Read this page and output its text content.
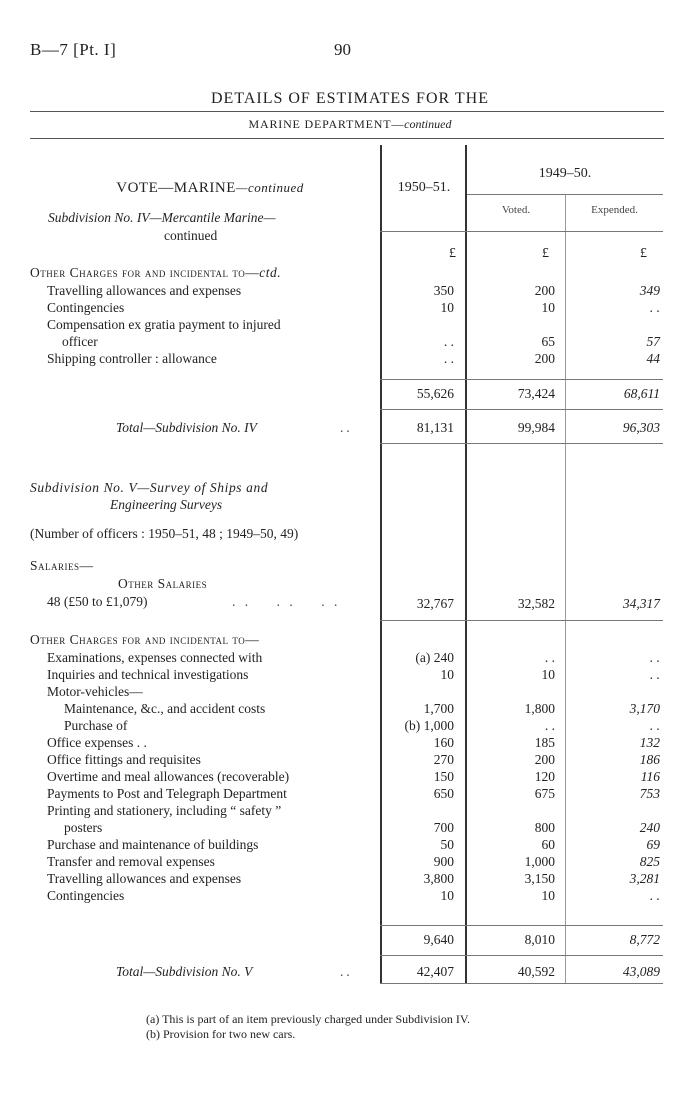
B—7 [Pt. I]	90
DETAILS OF ESTIMATES FOR THE
MARINE DEPARTMENT—continued
VOTE—MARINE—continued	1950–51.
1949–50.
Voted.	Expended.
Subdivision No. IV—Mercantile Marine—
continued
£	£	£
Other Charges for and incidental to—ctd.
Travelling allowances and expenses	350	200	349
Contingencies	10	10	. .
Compensation ex gratia payment to injured
officer	. .	65	57
Shipping controller : allowance	. .	200	44
55,626	73,424	68,611
Total—Subdivision No. IV	..	81,131	99,984	96,303
Subdivision No. V—Survey of Ships and
Engineering Surveys
(Number of officers : 1950–51, 48 ; 1949–50, 49)
Salaries—
Other Salaries
48 (£50 to £1,079)	. .    . .    . .	32,767	32,582	34,317
Other Charges for and incidental to—
Examinations, expenses connected with	(a) 240	. .	. .
Inquiries and technical investigations	10	10	. .
Motor-vehicles—
Maintenance, &c., and accident costs	1,700	1,800	3,170
Purchase of	(b) 1,000	. .	. .
Office expenses . .	160	185	132
Office fittings and requisites	270	200	186
Overtime and meal allowances (recoverable)	150	120	116
Payments to Post and Telegraph Department	650	675	753
Printing and stationery, including “ safety ”
posters	700	800	240
Purchase and maintenance of buildings	50	60	69
Transfer and removal expenses	900	1,000	825
Travelling allowances and expenses	3,800	3,150	3,281
Contingencies	10	10	. .
9,640	8,010	8,772
Total—Subdivision No. V	..	42,407	40,592	43,089
(a) This is part of an item previously charged under Subdivision IV.
(b) Provision for two new cars.
